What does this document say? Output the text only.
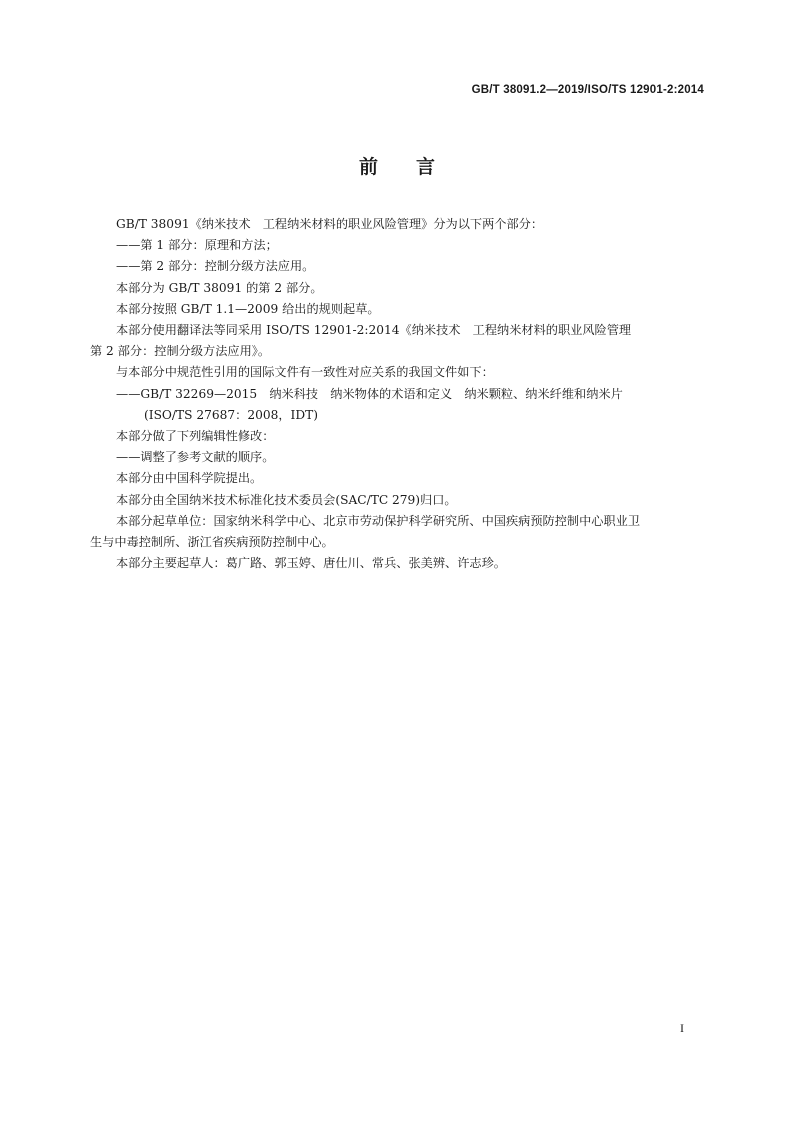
GB/T 38091.2—2019/ISO/TS 12901-2:2014
前 言
GB/T 38091《纳米技术　工程纳米材料的职业风险管理》分为以下两个部分：
——第 1 部分：原理和方法；
——第 2 部分：控制分级方法应用。
本部分为 GB/T 38091 的第 2 部分。
本部分按照 GB/T 1.1—2009 给出的规则起草。
本部分使用翻译法等同采用 ISO/TS 12901-2:2014《纳米技术　工程纳米材料的职业风险管理
第 2 部分：控制分级方法应用》。
与本部分中规范性引用的国际文件有一致性对应关系的我国文件如下：
——GB/T 32269—2015　纳米科技　纳米物体的术语和定义　纳米颗粒、纳米纤维和纳米片
(ISO/TS 27687：2008，IDT)
本部分做了下列编辑性修改：
——调整了参考文献的顺序。
本部分由中国科学院提出。
本部分由全国纳米技术标准化技术委员会(SAC/TC 279)归口。
本部分起草单位：国家纳米科学中心、北京市劳动保护科学研究所、中国疾病预防控制中心职业卫
生与中毒控制所、浙江省疾病预防控制中心。
本部分主要起草人：葛广路、郭玉婷、唐仕川、常兵、张美辨、许志珍。
I
